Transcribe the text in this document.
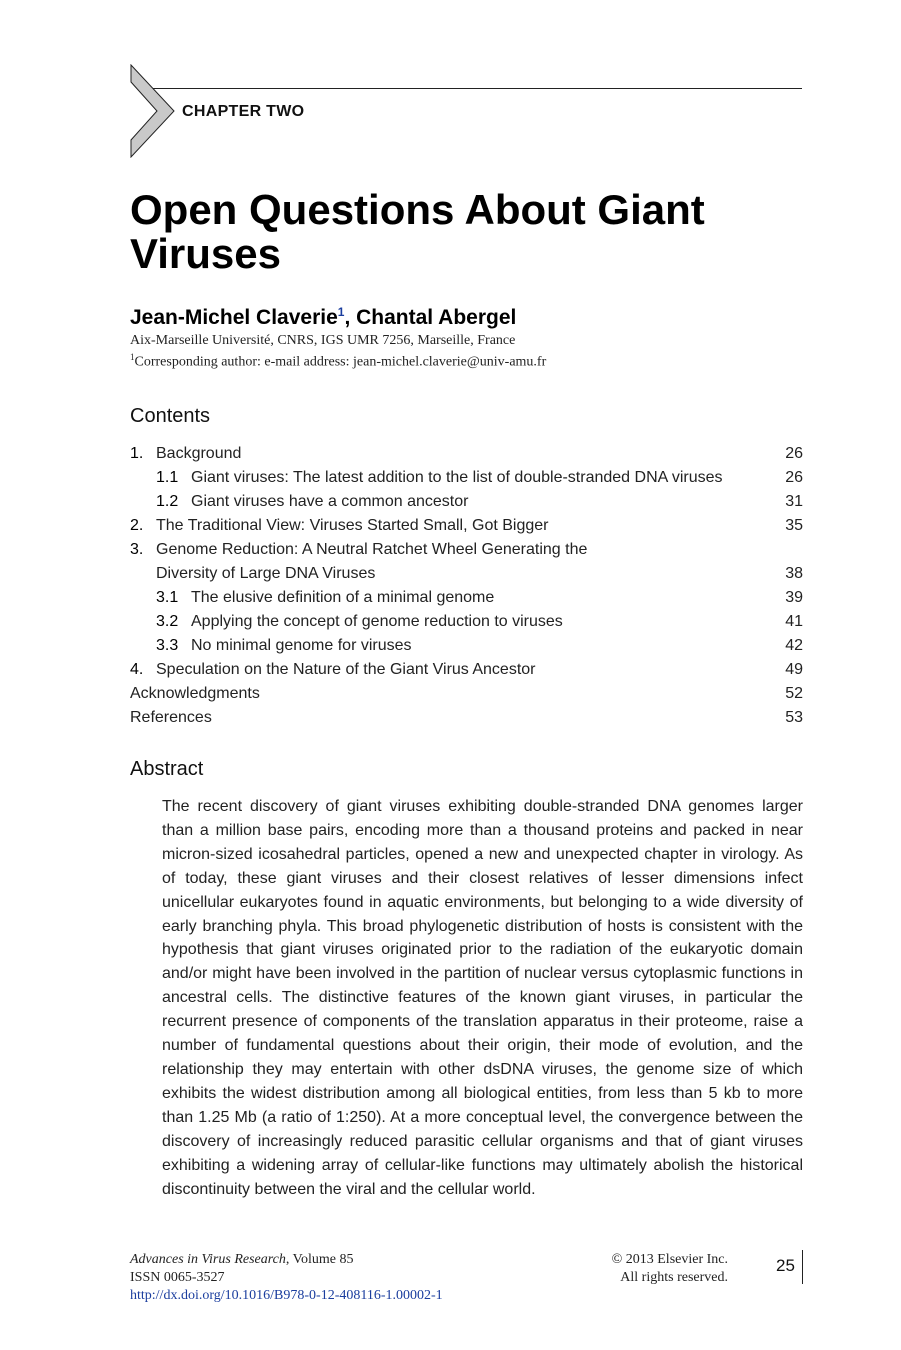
CHAPTER TWO
Open Questions About Giant Viruses
Jean-Michel Claverie$^1$, Chantal Abergel
Aix-Marseille Université, CNRS, IGS UMR 7256, Marseille, France
$^1$Corresponding author: e-mail address: jean-michel.claverie@univ-amu.fr
Contents
1. Background	26
1.1 Giant viruses: The latest addition to the list of double-stranded DNA viruses	26
1.2 Giant viruses have a common ancestor	31
2. The Traditional View: Viruses Started Small, Got Bigger	35
3. Genome Reduction: A Neutral Ratchet Wheel Generating the
Diversity of Large DNA Viruses	38
3.1 The elusive definition of a minimal genome	39
3.2 Applying the concept of genome reduction to viruses	41
3.3 No minimal genome for viruses	42
4. Speculation on the Nature of the Giant Virus Ancestor	49
Acknowledgments	52
References	53
Abstract

The recent discovery of giant viruses exhibiting double-stranded DNA genomes larger than a million base pairs, encoding more than a thousand proteins and packed in near micron-sized icosahedral particles, opened a new and unexpected chapter in virology. As of today, these giant viruses and their closest relatives of lesser dimensions infect unicellular eukaryotes found in aquatic environments, but belonging to a wide diversity of early branching phyla. This broad phylogenetic distribution of hosts is consistent with the hypothesis that giant viruses originated prior to the radiation of the eukaryotic domain and/or might have been involved in the partition of nuclear versus cytoplasmic functions in ancestral cells. The distinctive features of the known giant viruses, in particular the recurrent presence of components of the translation apparatus in their proteome, raise a number of fundamental questions about their origin, their mode of evolution, and the relationship they may entertain with other dsDNA viruses, the genome size of which exhibits the widest distribution among all biological entities, from less than 5 kb to more than 1.25 Mb (a ratio of 1:250). At a more conceptual level, the convergence between the discovery of increasingly reduced parasitic cellular organisms and that of giant viruses exhibiting a widening array of cellular-like functions may ultimately abolish the historical discontinuity between the viral and the cellular world.

Advances in Virus Research, Volume 85
ISSN 0065-3527
http://dx.doi.org/10.1016/B978-0-12-408116-1.00002-1
© 2013 Elsevier Inc.
All rights reserved.
25
